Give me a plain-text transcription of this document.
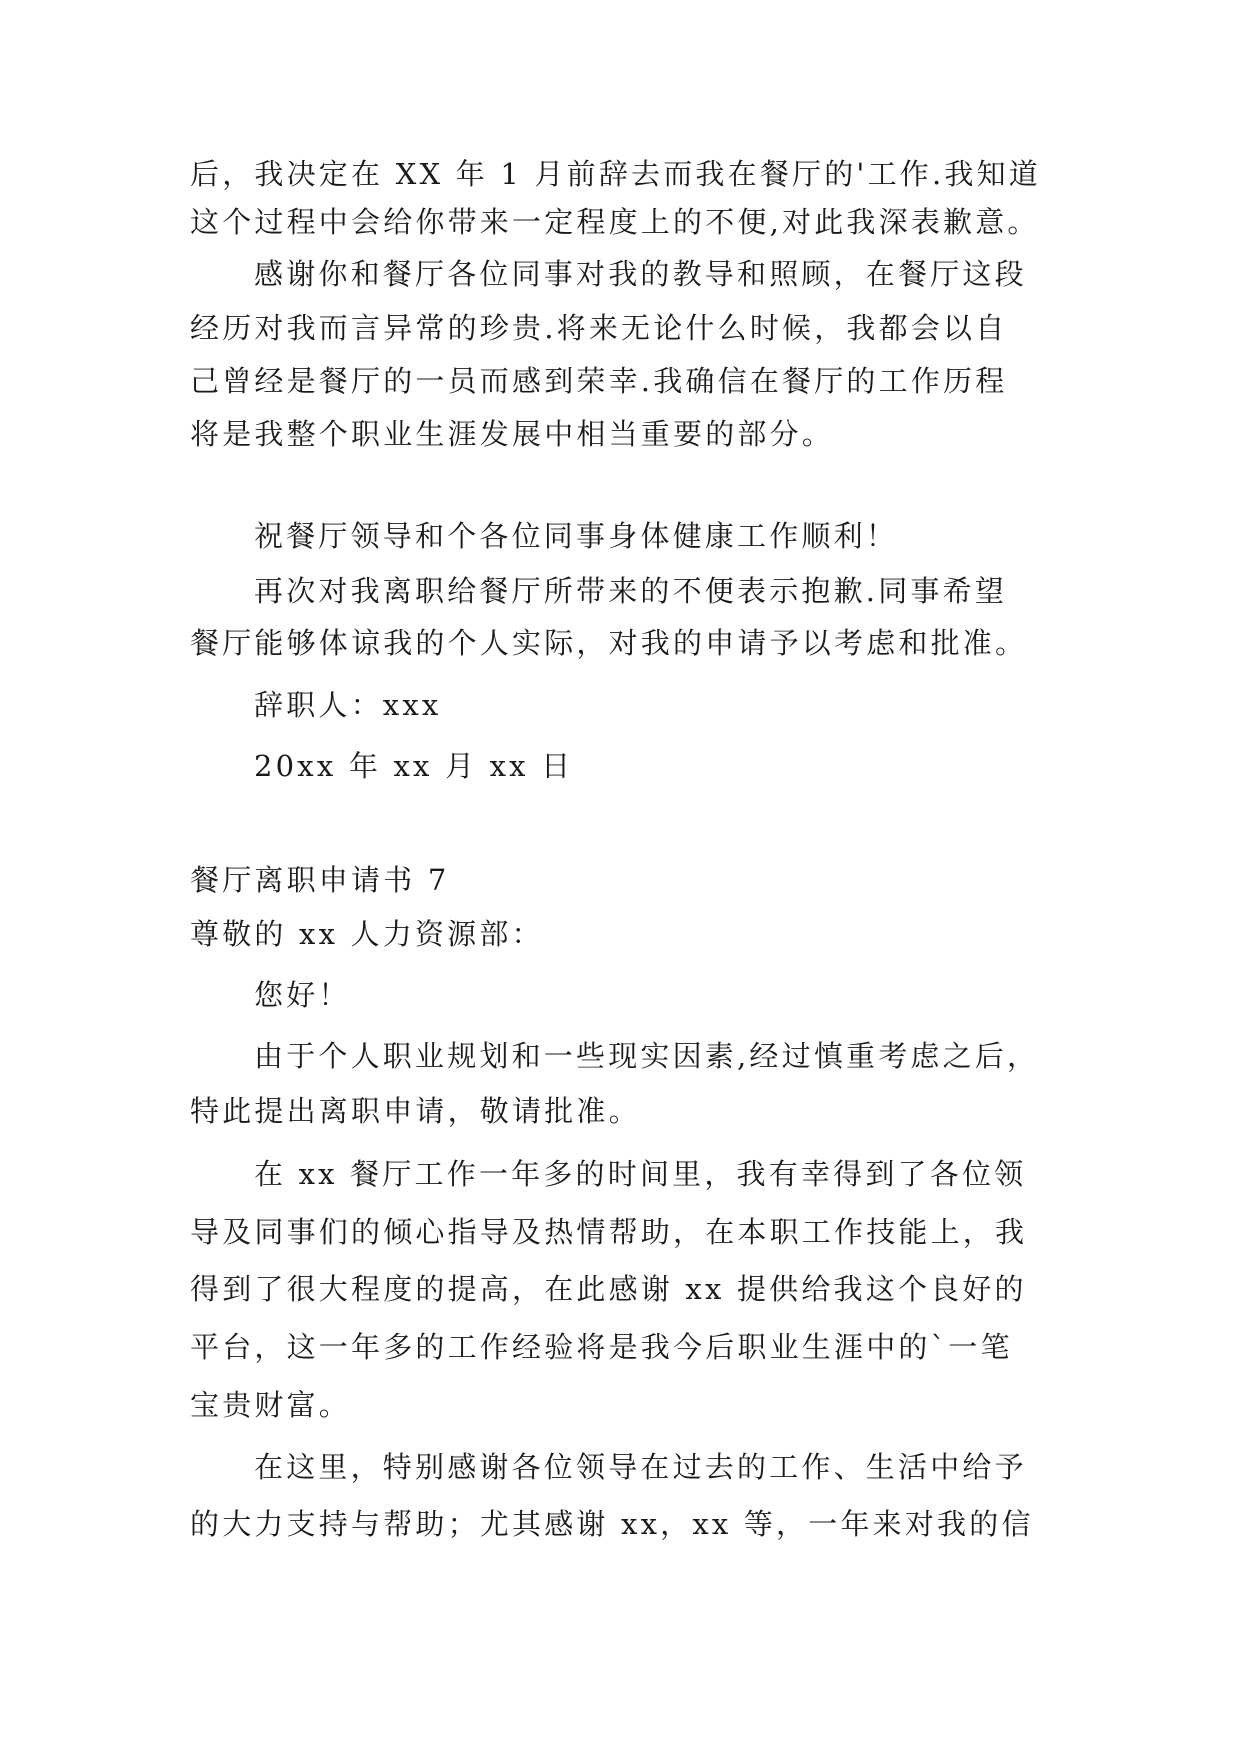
后，我决定在 XX 年 1 月前辞去而我在餐厅的'工作.我知道
这个过程中会给你带来一定程度上的不便,对此我深表歉意。
感谢你和餐厅各位同事对我的教导和照顾，在餐厅这段
经历对我而言异常的珍贵.将来无论什么时候，我都会以自
己曾经是餐厅的一员而感到荣幸.我确信在餐厅的工作历程
将是我整个职业生涯发展中相当重要的部分。
祝餐厅领导和个各位同事身体健康工作顺利！
再次对我离职给餐厅所带来的不便表示抱歉.同事希望
餐厅能够体谅我的个人实际，对我的申请予以考虑和批准。
辞职人：xxx
20xx 年 xx 月 xx 日
餐厅离职申请书 7
尊敬的 xx 人力资源部：
您好！
由于个人职业规划和一些现实因素,经过慎重考虑之后，
特此提出离职申请，敬请批准。
在 xx 餐厅工作一年多的时间里，我有幸得到了各位领
导及同事们的倾心指导及热情帮助，在本职工作技能上，我
得到了很大程度的提高，在此感谢 xx 提供给我这个良好的
平台，这一年多的工作经验将是我今后职业生涯中的`一笔
宝贵财富。
在这里，特别感谢各位领导在过去的工作、生活中给予
的大力支持与帮助；尤其感谢 xx，xx 等，一年来对我的信
